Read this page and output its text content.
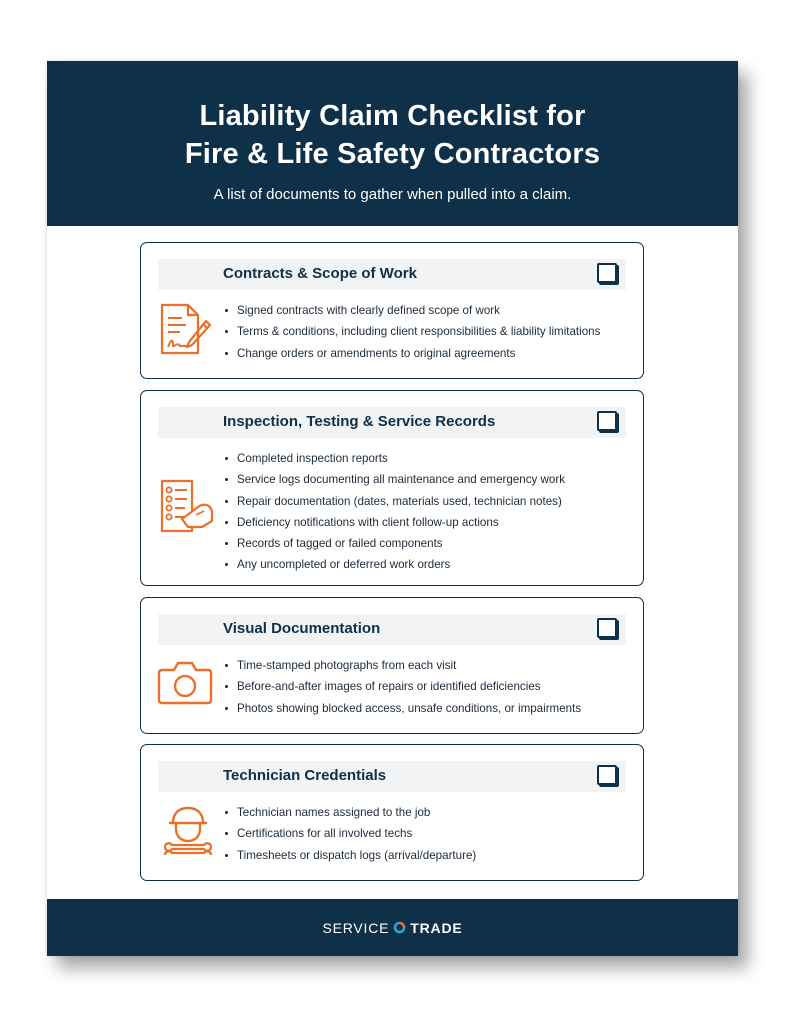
Liability Claim Checklist for
Fire & Life Safety Contractors

A list of documents to gather when pulled into a claim.

Contracts & Scope of Work
Signed contracts with clearly defined scope of work
Terms & conditions, including client responsibilities & liability limitations
Change orders or amendments to original agreements
Inspection, Testing & Service Records
Completed inspection reports
Service logs documenting all maintenance and emergency work
Repair documentation (dates, materials used, technician notes)
Deficiency notifications with client follow-up actions
Records of tagged or failed components
Any uncompleted or deferred work orders
Visual Documentation
Time-stamped photographs from each visit
Before-and-after images of repairs or identified deficiencies
Photos showing blocked access, unsafe conditions, or impairments
Technician Credentials
Technician names assigned to the job
Certifications for all involved techs
Timesheets or dispatch logs (arrival/departure)
SERVICE TRADE
